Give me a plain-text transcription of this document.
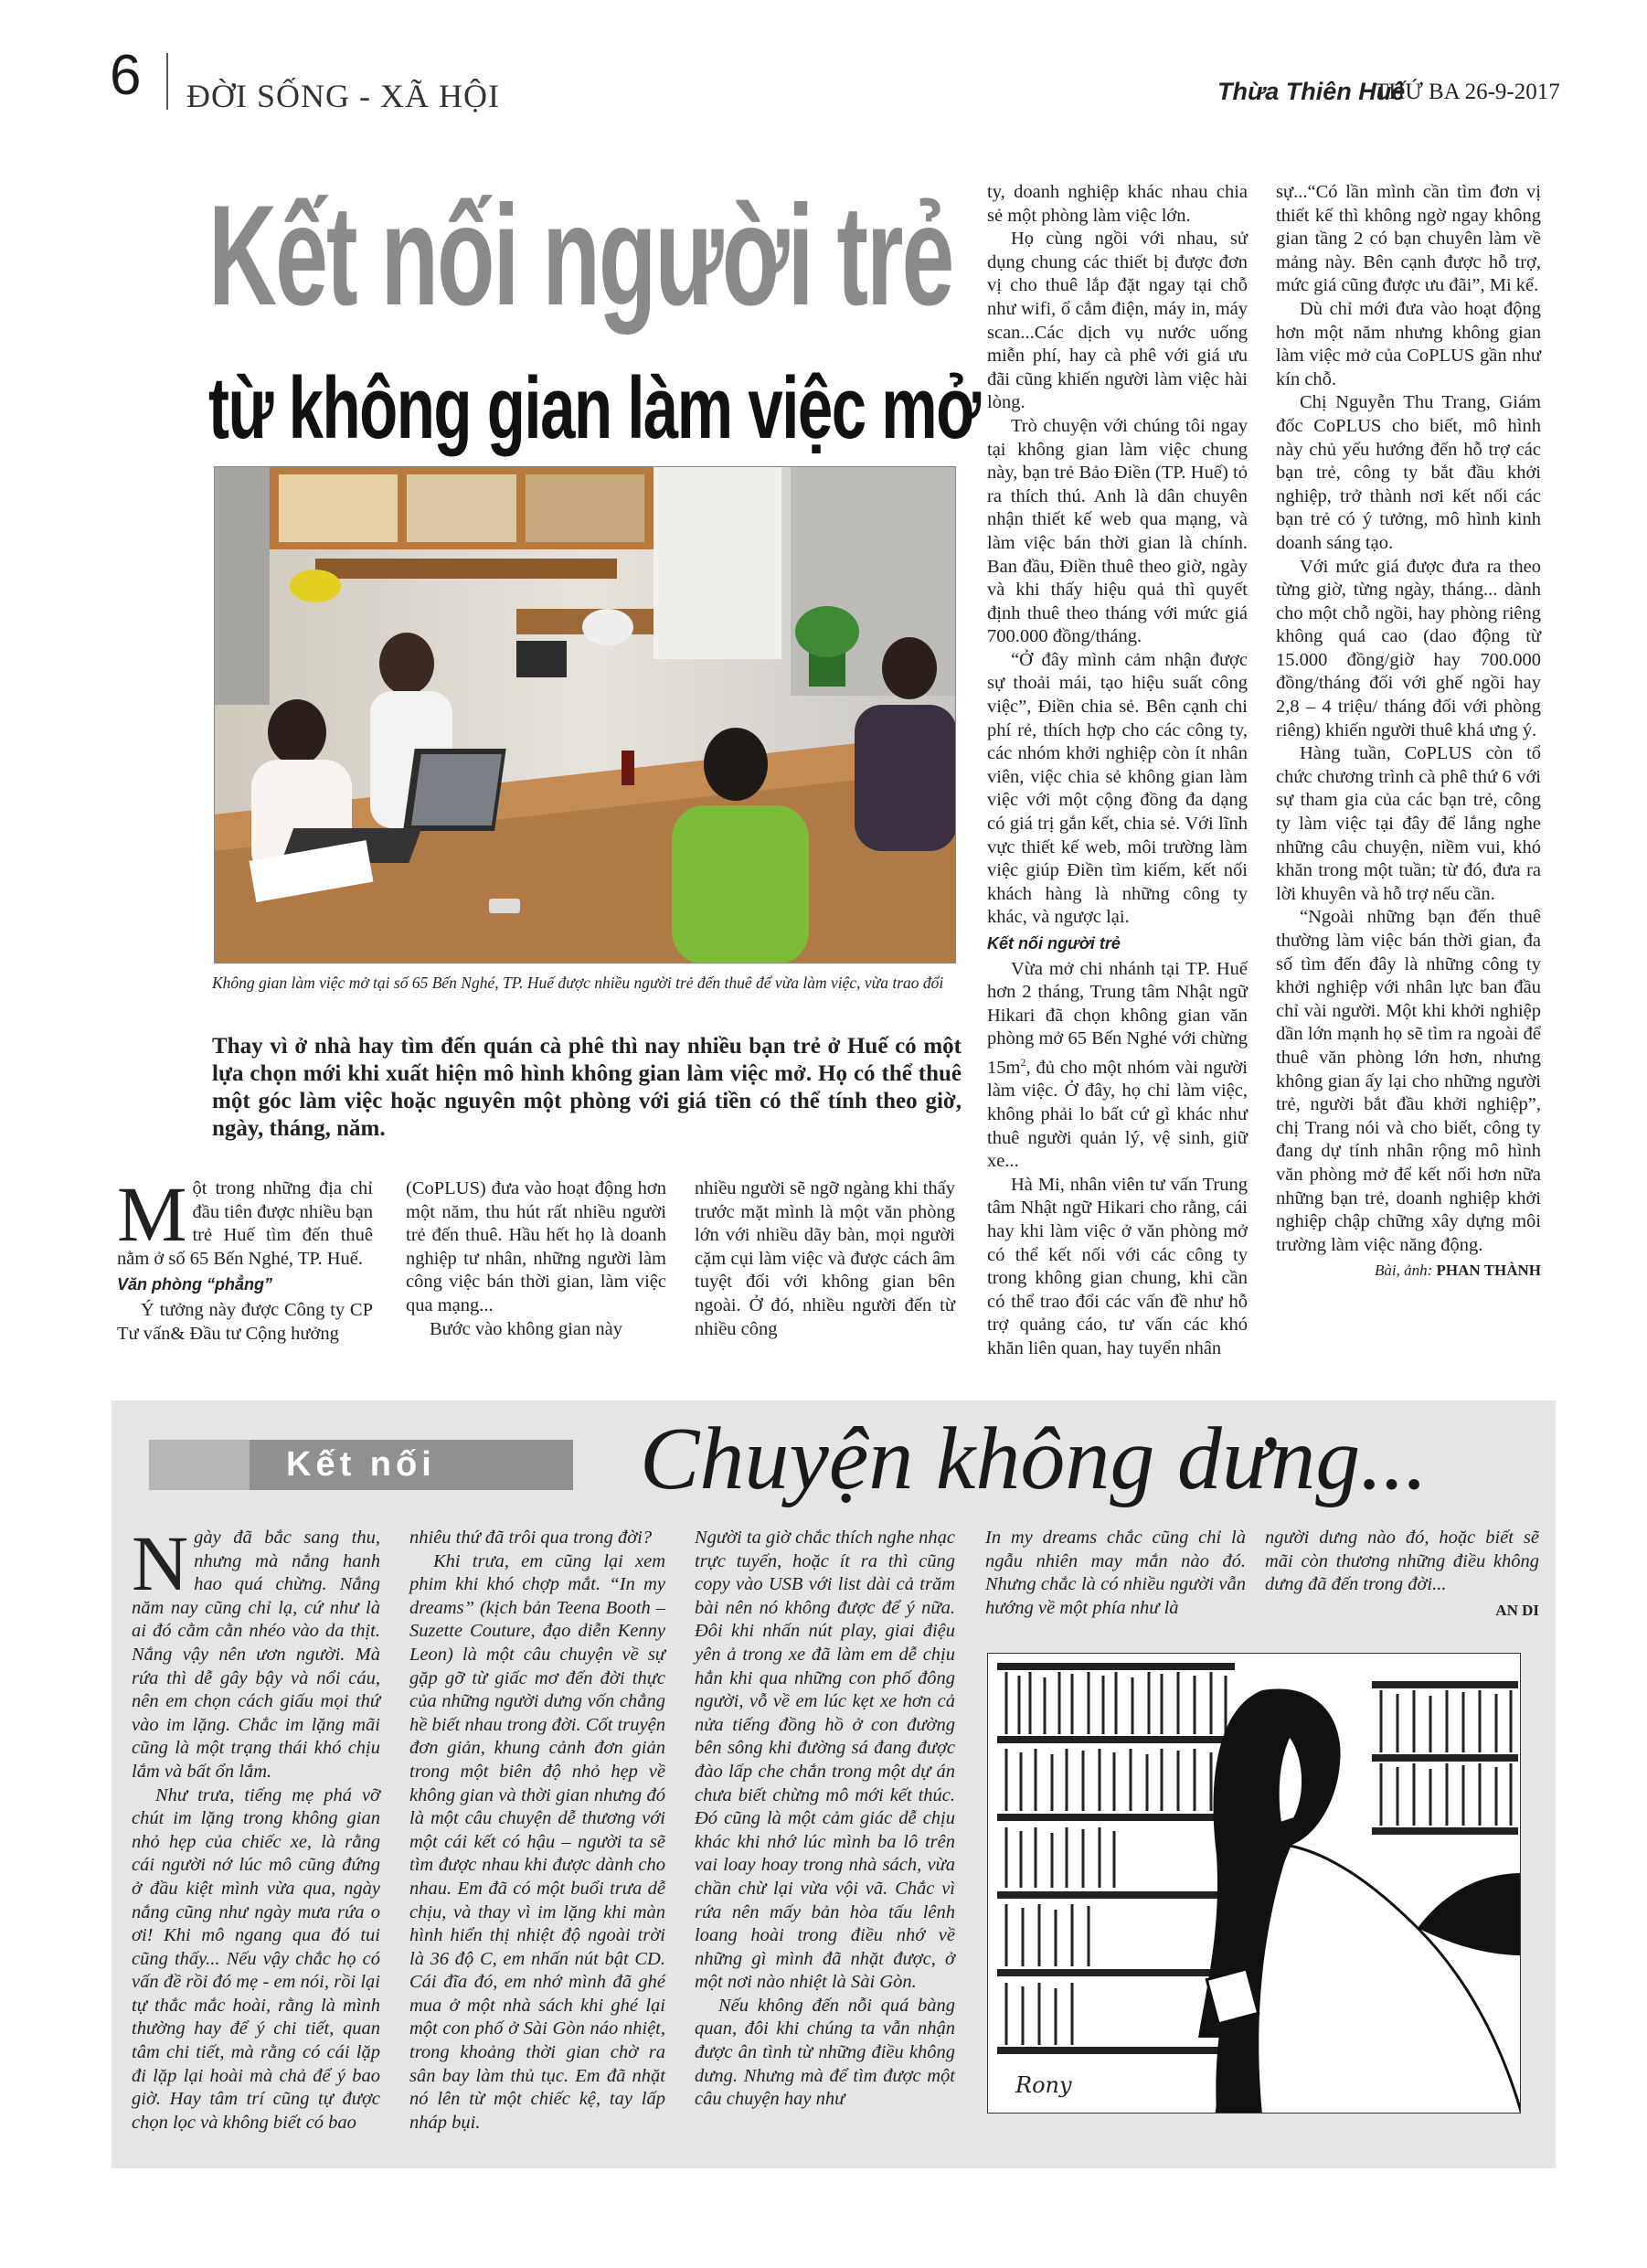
6 ĐỜI SỐNG - XÃ HỘI	Thừa Thiên Huế
THỨ BA 26-9-2017
Kết nối người trẻ
từ không gian làm việc mở
Không gian làm việc mở tại số 65 Bến Nghé, TP. Huế được nhiều người trẻ đến thuê để vừa làm việc, vừa trao đổi
Thay vì ở nhà hay tìm đến quán cà phê thì nay nhiều bạn trẻ ở Huế có một lựa chọn mới khi xuất hiện mô hình không gian làm việc mở. Họ có thể thuê một góc làm việc hoặc nguyên một phòng với giá tiền có thể tính theo giờ, ngày, tháng, năm.

Một trong những địa chỉ đầu tiên được nhiều bạn trẻ Huế tìm đến thuê nằm ở số 65 Bến Nghé, TP. Huế.

Văn phòng “phẳng”

Ý tưởng này được Công ty CP Tư vấn& Đầu tư Cộng hưởng

(CoPLUS) đưa vào hoạt động hơn một năm, thu hút rất nhiều người trẻ đến thuê. Hầu hết họ là doanh nghiệp tư nhân, những người làm công việc bán thời gian, làm việc qua mạng...

Bước vào không gian này

nhiều người sẽ ngỡ ngàng khi thấy trước mặt mình là một văn phòng lớn với nhiều dãy bàn, mọi người cặm cụi làm việc và được cách âm tuyệt đối với không gian bên ngoài. Ở đó, nhiều người đến từ nhiều công

ty, doanh nghiệp khác nhau chia sẻ một phòng làm việc lớn.

Họ cùng ngồi với nhau, sử dụng chung các thiết bị được đơn vị cho thuê lắp đặt ngay tại chỗ như wifi, ổ cắm điện, máy in, máy scan...Các dịch vụ nước uống miễn phí, hay cà phê với giá ưu đãi cũng khiến người làm việc hài lòng.

Trò chuyện với chúng tôi ngay tại không gian làm việc chung này, bạn trẻ Bảo Điền (TP. Huế) tỏ ra thích thú. Anh là dân chuyên nhận thiết kế web qua mạng, và làm việc bán thời gian là chính. Ban đầu, Điền thuê theo giờ, ngày và khi thấy hiệu quả thì quyết định thuê theo tháng với mức giá 700.000 đồng/tháng.

“Ở đây mình cảm nhận được sự thoải mái, tạo hiệu suất công việc”, Điền chia sẻ. Bên cạnh chi phí rẻ, thích hợp cho các công ty, các nhóm khởi nghiệp còn ít nhân viên, việc chia sẻ không gian làm việc với một cộng đồng đa dạng có giá trị gắn kết, chia sẻ. Với lĩnh vực thiết kế web, môi trường làm việc giúp Điền tìm kiếm, kết nối khách hàng là những công ty khác, và ngược lại.

Kết nối người trẻ

Vừa mở chi nhánh tại TP. Huế hơn 2 tháng, Trung tâm Nhật ngữ Hikari đã chọn không gian văn phòng mở 65 Bến Nghé với chừng $15m^2$, đủ cho một nhóm vài người làm việc. Ở đây, họ chỉ làm việc, không phải lo bất cứ gì khác như thuê người quản lý, vệ sinh, giữ xe...

Hà Mi, nhân viên tư vấn Trung tâm Nhật ngữ Hikari cho rằng, cái hay khi làm việc ở văn phòng mở có thể kết nối với các công ty trong không gian chung, khi cần có thể trao đổi các vấn đề như hỗ trợ quảng cáo, tư vấn các khó khăn liên quan, hay tuyển nhân

sự...“Có lần mình cần tìm đơn vị thiết kế thì không ngờ ngay không gian tầng 2 có bạn chuyên làm về mảng này. Bên cạnh được hỗ trợ, mức giá cũng được ưu đãi”, Mi kể.

Dù chỉ mới đưa vào hoạt động hơn một năm nhưng không gian làm việc mở của CoPLUS gần như kín chỗ.

Chị Nguyễn Thu Trang, Giám đốc CoPLUS cho biết, mô hình này chủ yếu hướng đến hỗ trợ các bạn trẻ, công ty bắt đầu khởi nghiệp, trở thành nơi kết nối các bạn trẻ có ý tưởng, mô hình kinh doanh sáng tạo.

Với mức giá được đưa ra theo từng giờ, từng ngày, tháng... dành cho một chỗ ngồi, hay phòng riêng không quá cao (dao động từ 15.000 đồng/giờ hay 700.000 đồng/tháng đối với ghế ngồi hay 2,8 – 4 triệu/ tháng đối với phòng riêng) khiến người thuê khá ưng ý.

Hàng tuần, CoPLUS còn tổ chức chương trình cà phê thứ 6 với sự tham gia của các bạn trẻ, công ty làm việc tại đây để lắng nghe những câu chuyện, niềm vui, khó khăn trong một tuần; từ đó, đưa ra lời khuyên và hỗ trợ nếu cần.

“Ngoài những bạn đến thuê thường làm việc bán thời gian, đa số tìm đến đây là những công ty khởi nghiệp với nhân lực ban đầu chỉ vài người. Một khi khởi nghiệp dần lớn mạnh họ sẽ tìm ra ngoài để thuê văn phòng lớn hơn, nhưng không gian ấy lại cho những người trẻ, người bắt đầu khởi nghiệp”, chị Trang nói và cho biết, công ty đang dự tính nhân rộng mô hình văn phòng mở để kết nối hơn nữa những bạn trẻ, doanh nghiệp khởi nghiệp chập chững xây dựng môi trường làm việc năng động.

Bài, ảnh: PHAN THÀNH
Kết nối Chuyện không dưng...

Ngày đã bắc sang thu, nhưng mà nắng hanh hao quá chừng. Nắng năm nay cũng chỉ lạ, cứ như là ai đó cằm cằn nhéo vào da thịt. Nắng vậy nên ươn người. Mà rứa thì dễ gây bậy và nổi cáu, nên em chọn cách giấu mọi thứ vào im lặng. Chắc im lặng mãi cũng là một trạng thái khó chịu lắm và bất ổn lắm.

Như trưa, tiếng mẹ phá vỡ chút im lặng trong không gian nhỏ hẹp của chiếc xe, là rằng cái người nớ lúc mô cũng đứng ở đầu kiệt mình vừa qua, ngày nắng cũng như ngày mưa rứa o ơi! Khi mô ngang qua đó tui cũng thấy... Nếu vậy chắc họ có vấn đề rồi đó mẹ - em nói, rồi lại tự thắc mắc hoài, rằng là mình thường hay để ý chi tiết, quan tâm chi tiết, mà rằng có cái lặp đi lặp lại hoài mà chả để ý bao giờ. Hay tâm trí cũng tự được chọn lọc và không biết có bao

nhiêu thứ đã trôi qua trong đời?

Khi trưa, em cũng lại xem phim khi khó chợp mắt. “In my dreams” (kịch bản Teena Booth – Suzette Couture, đạo diễn Kenny Leon) là một câu chuyện về sự gặp gỡ từ giấc mơ đến đời thực của những người dưng vốn chẳng hề biết nhau trong đời. Cốt truyện đơn giản, khung cảnh đơn giản trong một biên độ nhỏ hẹp về không gian và thời gian nhưng đó là một câu chuyện dễ thương với một cái kết có hậu – người ta sẽ tìm được nhau khi được dành cho nhau. Em đã có một buổi trưa dễ chịu, và thay vì im lặng khi màn hình hiển thị nhiệt độ ngoài trời là 36 độ C, em nhấn nút bật CD. Cái đĩa đó, em nhớ mình đã ghé mua ở một nhà sách khi ghé lại một con phố ở Sài Gòn náo nhiệt, trong khoảng thời gian chờ ra sân bay làm thủ tục. Em đã nhặt nó lên từ một chiếc kệ, tay lấp nháp bụi.

Người ta giờ chắc thích nghe nhạc trực tuyến, hoặc ít ra thì cũng copy vào USB với list dài cả trăm bài nên nó không được để ý nữa. Đôi khi nhấn nút play, giai điệu yên ả trong xe đã làm em dễ chịu hẳn khi qua những con phố đông người, vỗ về em lúc kẹt xe hơn cả nửa tiếng đồng hồ ở con đường bên sông khi đường sá đang được đào lấp che chắn trong một dự án chưa biết chừng mô mới kết thúc. Đó cũng là một cảm giác dễ chịu khác khi nhớ lúc mình ba lô trên vai loay hoay trong nhà sách, vừa chần chừ lại vừa vội vã. Chắc vì rứa nên mấy bản hòa tấu lênh loang hoài trong điều nhớ về những gì mình đã nhặt được, ở một nơi nào nhiệt là Sài Gòn.

Nếu không đến nỗi quá bàng quan, đôi khi chúng ta vẫn nhận được ân tình từ những điều không dưng. Nhưng mà để tìm được một câu chuyện hay như

In my dreams chắc cũng chỉ là ngẫu nhiên may mắn nào đó. Nhưng chắc là có nhiều người vẫn hướng về một phía như là

người dưng nào đó, hoặc biết sẽ mãi còn thương những điều không dưng đã đến trong đời...

AN DI
Rony
